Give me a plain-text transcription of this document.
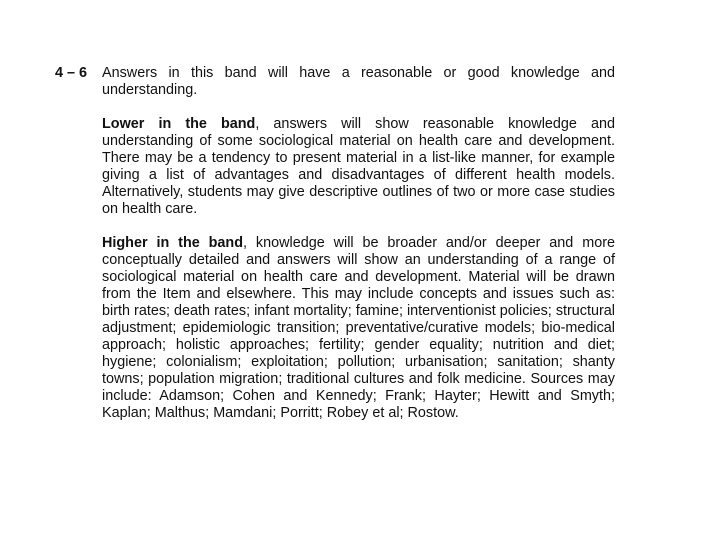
4 – 6 Answers in this band will have a reasonable or good knowledge and understanding.

Lower in the band, answers will show reasonable knowledge and understanding of some sociological material on health care and development. There may be a tendency to present material in a list-like manner, for example giving a list of advantages and disadvantages of different health models. Alternatively, students may give descriptive outlines of two or more case studies on health care.

Higher in the band, knowledge will be broader and/or deeper and more conceptually detailed and answers will show an understanding of a range of sociological material on health care and development. Material will be drawn from the Item and elsewhere. This may include concepts and issues such as: birth rates; death rates; infant mortality; famine; interventionist policies; structural adjustment; epidemiologic transition; preventative/curative models; bio-medical approach; holistic approaches; fertility; gender equality; nutrition and diet; hygiene; colonialism; exploitation; pollution; urbanisation; sanitation; shanty towns; population migration; traditional cultures and folk medicine. Sources may include: Adamson; Cohen and Kennedy; Frank; Hayter; Hewitt and Smyth; Kaplan; Malthus; Mamdani; Porritt; Robey et al; Rostow.
